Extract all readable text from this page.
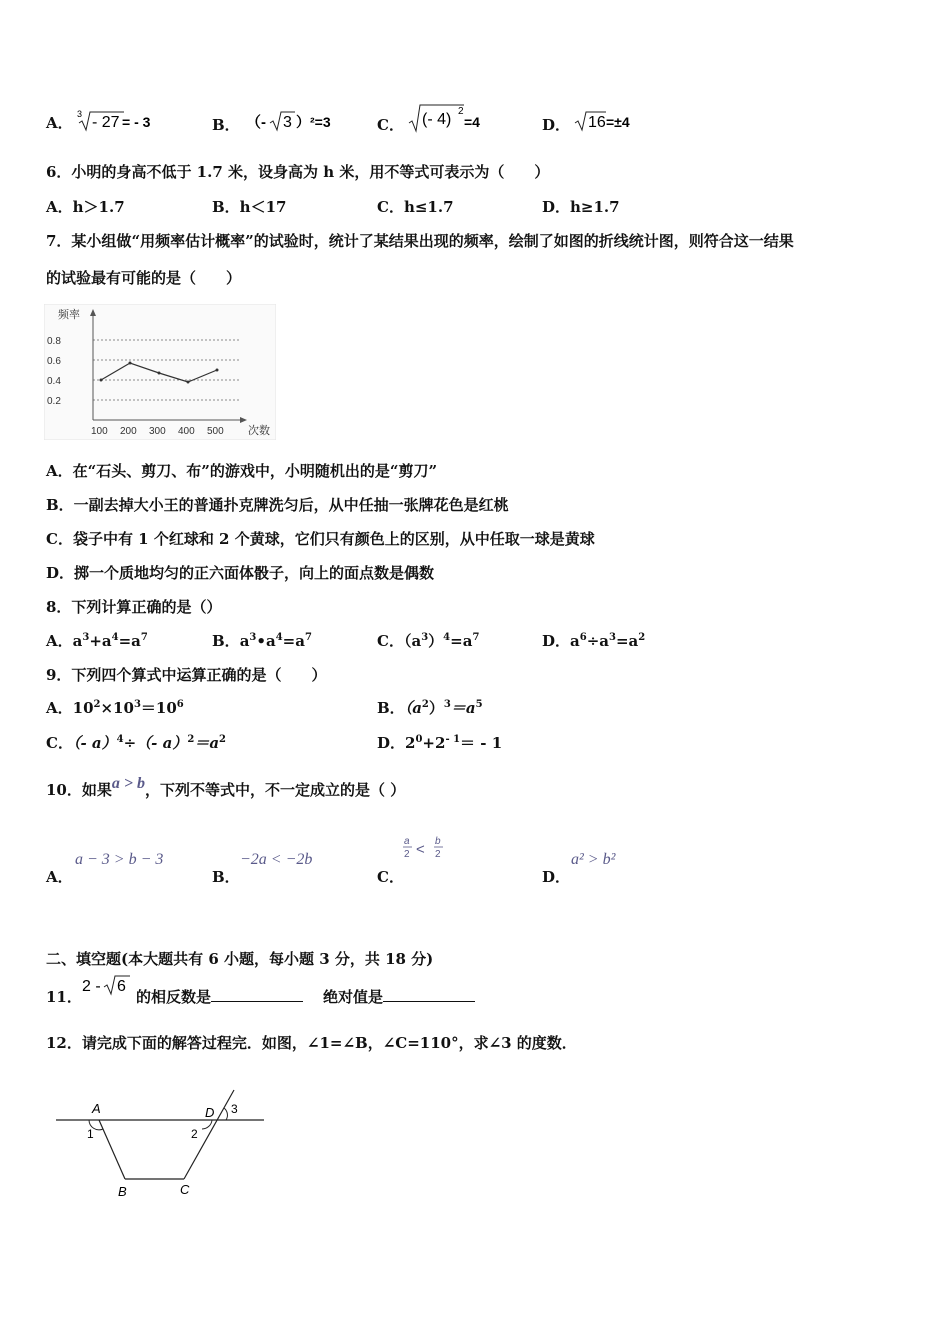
A． 3 - 27 = - 3	B． （- 3 ）²=3	C． (- 4) 2
=4	D． 16 =±4
6．小明的身高不低于 1.7 米，设身高为 h 米，用不等式可表示为（　　）
A．h＞1.7	B．h＜17	C．h≤1.7	D．h≥1.7
7．某小组做“用频率估计概率”的试验时，统计了某结果出现的频率，绘制了如图的折线统计图，则符合这一结果
的试验最有可能的是（　　）
频率
0.8
0.6
0.4
0.2
100 200 300 400 500 次数
A．在“石头、剪刀、布”的游戏中，小明随机出的是“剪刀”
B．一副去掉大小王的普通扑克牌洗匀后，从中任抽一张牌花色是红桃
C．袋子中有 1 个红球和 2 个黄球，它们只有颜色上的区别，从中任取一球是黄球
D．掷一个质地均匀的正六面体骰子，向上的面点数是偶数
8．下列计算正确的是（）
A．$a^3+a^4=a^7$	B．$a^3•a^4=a^7$	C．$(a^3)^4=a^7$	D．$a^6\div a^3=a^2$
9．下列四个算式中运算正确的是（　　）
A．$10^2\times 10^3=10^6$	B．$(a^2)^3=a^5$
C．（- a）$^4$÷（- $a)^2=a^2$	D．$2^0+2^{- 1}= - 1$
10．如果a > b，下列不等式中，不一定成立的是（ ）
A．
a − 3 > b − 3
B．
−2a < −2b
C．
a
2 < b
2
D．
a² > b²
二、填空题(本大题共有 6 小题，每小题 3 分，共 18 分)
11．
2 - 6
的相反数是	绝对值是
12．请完成下面的解答过程完．如图，∠1=∠B，∠C=110°，求∠3 的度数．
A	D
B	C
1	2
3
